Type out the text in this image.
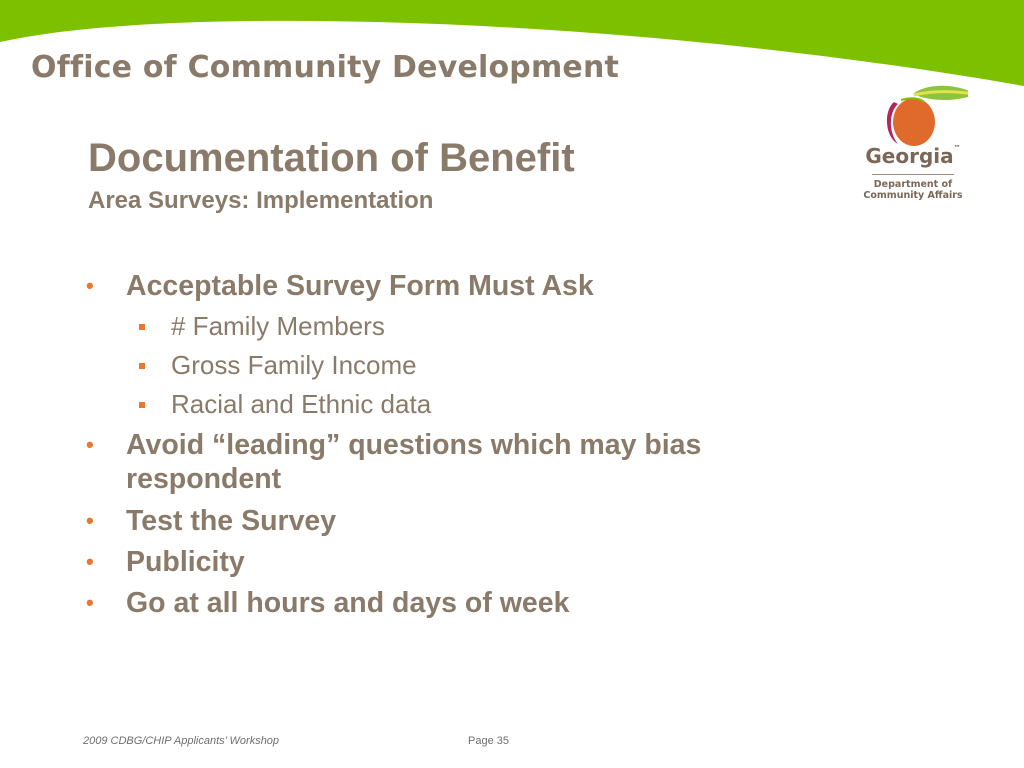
Office of Community Development
Georgia™
Department of
Community Affairs
Documentation of Benefit
Area Surveys: Implementation
• Acceptable Survey Form Must Ask
# Family Members
Gross Family Income
Racial and Ethnic data
• Avoid “leading” questions which may bias respondent
• Test the Survey
• Publicity
• Go at all hours and days of week
2009 CDBG/CHIP Applicants’ Workshop	Page 35
